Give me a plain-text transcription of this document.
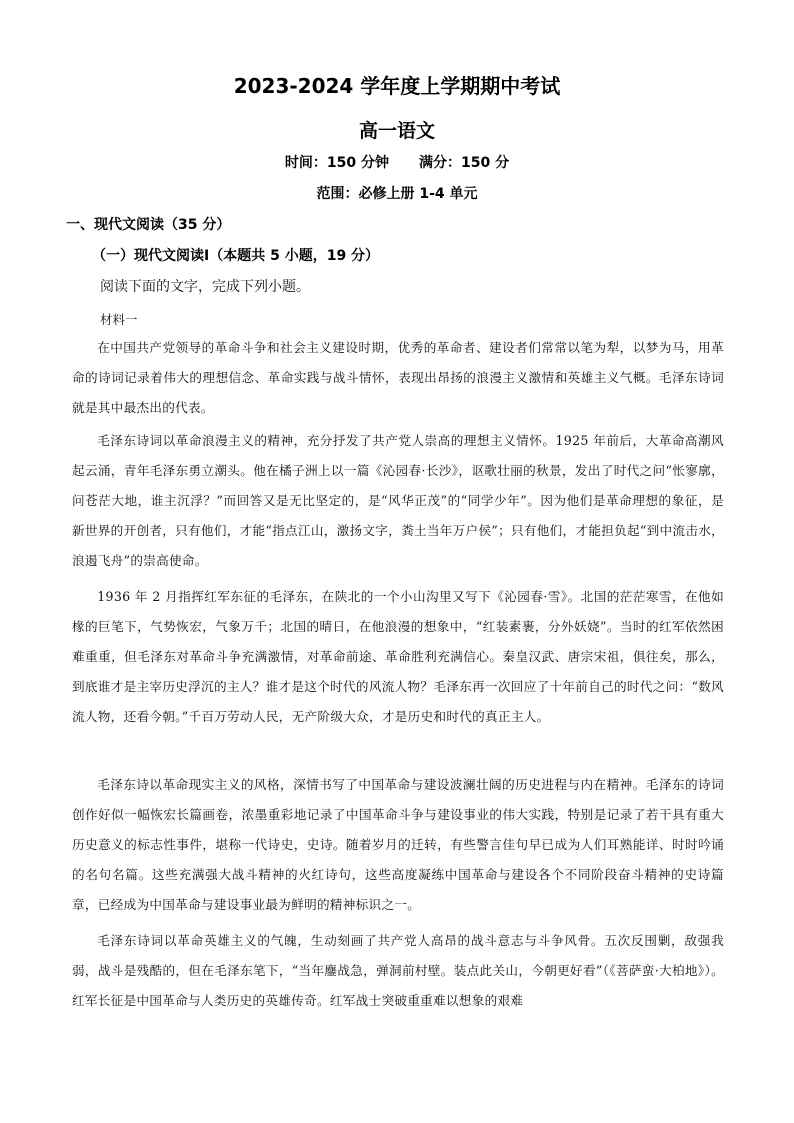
2023-2024 学年度上学期期中考试
高一语文
时间：150 分钟 满分：150 分
范围：必修上册 1-4 单元
一、现代文阅读（35 分）
（一）现代文阅读Ⅰ（本题共 5 小题，19 分）
阅读下面的文字，完成下列小题。
材料一

在中国共产党领导的革命斗争和社会主义建设时期，优秀的革命者、建设者们常常以笔为犁，以梦为马，用革命的诗词记录着伟大的理想信念、革命实践与战斗情怀，表现出昂扬的浪漫主义激情和英雄主义气概。毛泽东诗词就是其中最杰出的代表。

毛泽东诗词以革命浪漫主义的精神，充分抒发了共产党人崇高的理想主义情怀。1925 年前后，大革命高潮风起云涌，青年毛泽东勇立潮头。他在橘子洲上以一篇《沁园春·长沙》，讴歌壮丽的秋景，发出了时代之问“怅寥廓，问苍茫大地，谁主沉浮？”而回答又是无比坚定的，是“风华正茂”的“同学少年”。因为他们是革命理想的象征，是新世界的开创者，只有他们，才能“指点江山，激扬文字，粪土当年万户侯”；只有他们，才能担负起“到中流击水，浪遏飞舟”的崇高使命。

1936 年 2 月指挥红军东征的毛泽东，在陕北的一个小山沟里又写下《沁园春·雪》。北国的茫茫寒雪，在他如椽的巨笔下，气势恢宏，气象万千；北国的晴日，在他浪漫的想象中，“红装素裹，分外妖娆”。当时的红军依然困难重重，但毛泽东对革命斗争充满激情，对革命前途、革命胜利充满信心。秦皇汉武、唐宗宋祖，俱往矣，那么，到底谁才是主宰历史浮沉的主人？谁才是这个时代的风流人物？毛泽东再一次回应了十年前自己的时代之问：“数风流人物，还看今朝。”千百万劳动人民，无产阶级大众，才是历史和时代的真正主人。

毛泽东诗以革命现实主义的风格，深情书写了中国革命与建设波澜壮阔的历史进程与内在精神。毛泽东的诗词创作好似一幅恢宏长篇画卷，浓墨重彩地记录了中国革命斗争与建设事业的伟大实践，特别是记录了若干具有重大历史意义的标志性事件，堪称一代诗史，史诗。随着岁月的迁转，有些警言佳句早已成为人们耳熟能详、时时吟诵的名句名篇。这些充满强大战斗精神的火红诗句，这些高度凝练中国革命与建设各个不同阶段奋斗精神的史诗篇章，已经成为中国革命与建设事业最为鲜明的精神标识之一。

毛泽东诗词以革命英雄主义的气魄，生动刻画了共产党人高昂的战斗意志与斗争风骨。五次反围剿，敌强我弱，战斗是残酷的，但在毛泽东笔下，“当年鏖战急，弹洞前村壁。装点此关山，今朝更好看”（《菩萨蛮·大柏地》）。红军长征是中国革命与人类历史的英雄传奇。红军战士突破重重难以想象的艰难
